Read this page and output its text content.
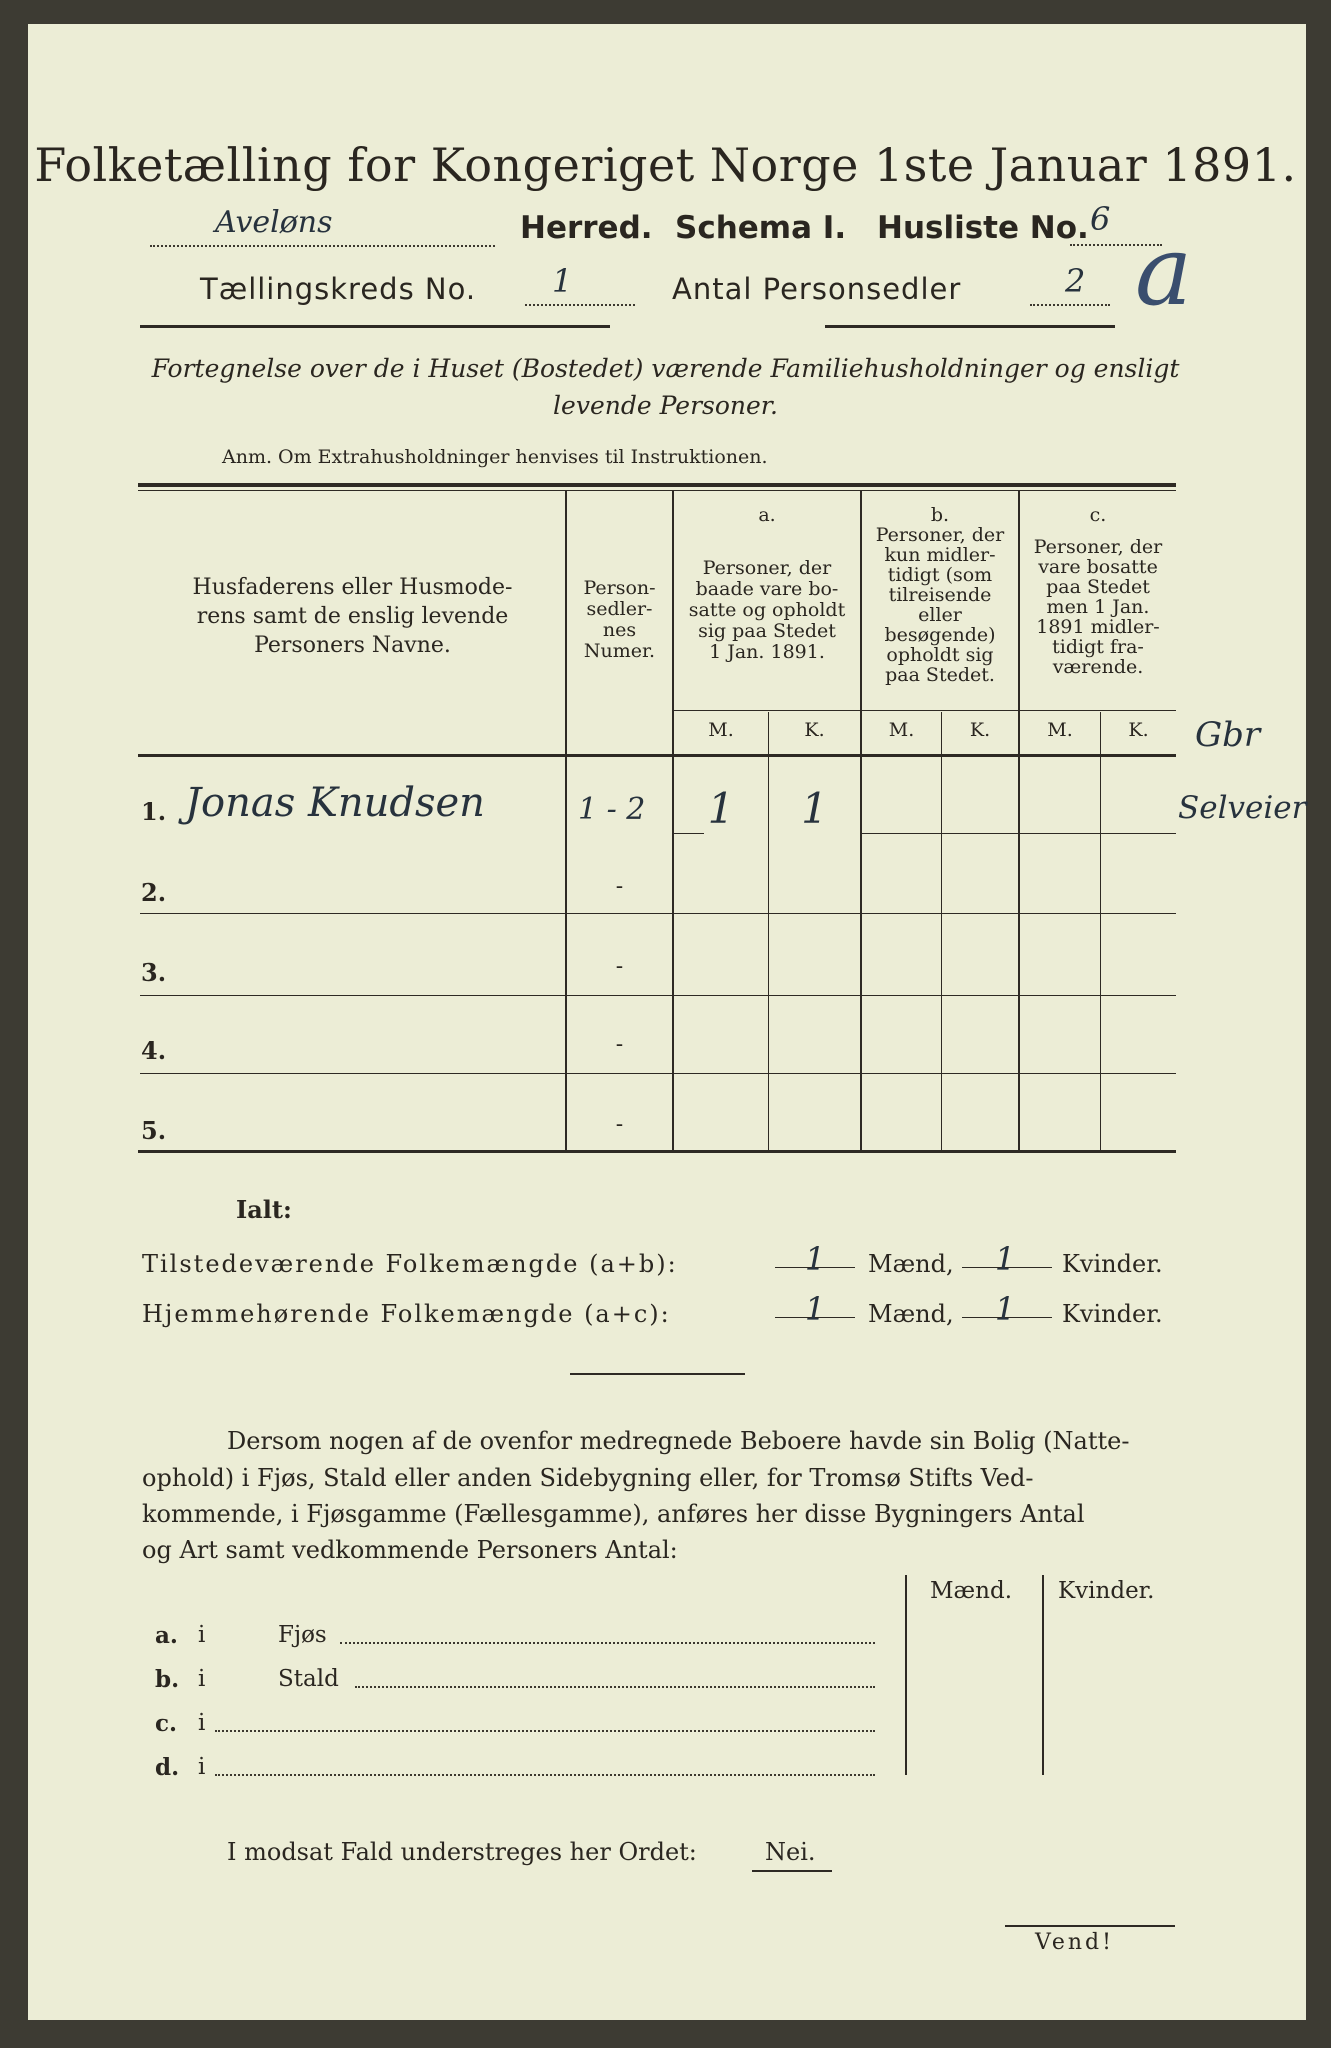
Folketælling for Kongeriget Norge 1ste Januar 1891.
Aveløns	Herred. Schema I. Husliste No. 6
Tællingskreds No. 1	Antal Personsedler	2 a
Fortegnelse over de i Huset (Bostedet) værende Familiehusholdninger og ensligt
levende Personer.
Anm. Om Extrahusholdninger henvises til Instruktionen.
Husfaderens eller Husmode-
rens samt de enslig levende
Personers Navne.
Person-
sedler-
nes
Numer.
a.
Personer, der
baade vare bo-
satte og opholdt
sig paa Stedet
1 Jan. 1891.
b.
Personer, der
kun midler-
tidigt (som
tilreisende
eller
besøgende)
opholdt sig
paa Stedet.
c.
Personer, der
vare bosatte
paa Stedet
men 1 Jan.
1891 midler-
tidigt fra-
værende.
M.	K.	M.	K.	M.	K.
1. Jonas Knudsen	1 - 2	1	1
2.	-
3.	-
4.	-
5.	-
Gbr
Selveier
Ialt:
Tilstedeværende Folkemængde (a+b):	1	Mænd,	1	Kvinder.
Hjemmehørende Folkemængde (a+c):	1	Mænd,	1	Kvinder.
Dersom nogen af de ovenfor medregnede Beboere havde sin Bolig (Natte-
ophold) i Fjøs, Stald eller anden Sidebygning eller, for Tromsø Stifts Ved-
kommende, i Fjøsgamme (Fællesgamme), anføres her disse Bygningers Antal
og Art samt vedkommende Personers Antal:
Mænd. Kvinder.
a. i	Fjøs
b. i	Stald
c. i
d. i
I modsat Fald understreges her Ordet:	Nei.
Vend!
